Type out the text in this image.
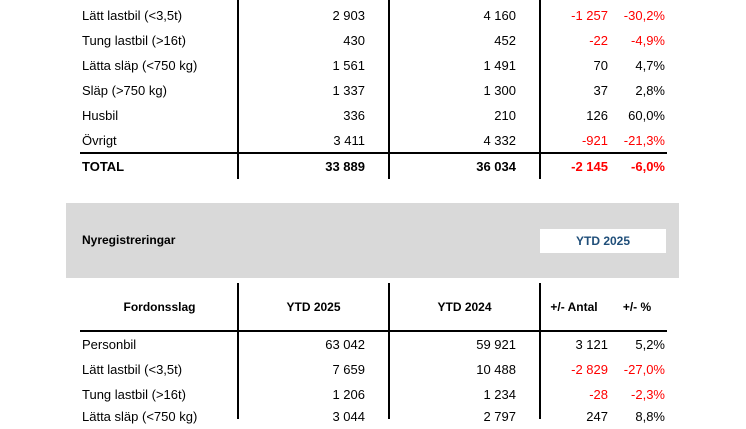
Lätt lastbil (<3,5t)	2 903	4 160	-1 257 -30,2%
Tung lastbil (>16t)	430	452	-22 -4,9%
Lätta släp (<750 kg)	1 561	1 491	70 4,7%
Släp (>750 kg)	1 337	1 300	37 2,8%
Husbil	336	210	126 60,0%
Övrigt	3 411	4 332	-921 -21,3%
TOTAL	33 889	36 034	-2 145 -6,0%
Nyregistreringar	YTD 2025
Fordonsslag	YTD 2025	YTD 2024	+/- Antal	+/- %
Personbil	63 042	59 921	3 121 5,2%
Lätt lastbil (<3,5t)	7 659	10 488	-2 829 -27,0%
Tung lastbil (>16t)	1 206	1 234	-28 -2,3%
Lätta släp (<750 kg)	3 044	2 797	247 8,8%
